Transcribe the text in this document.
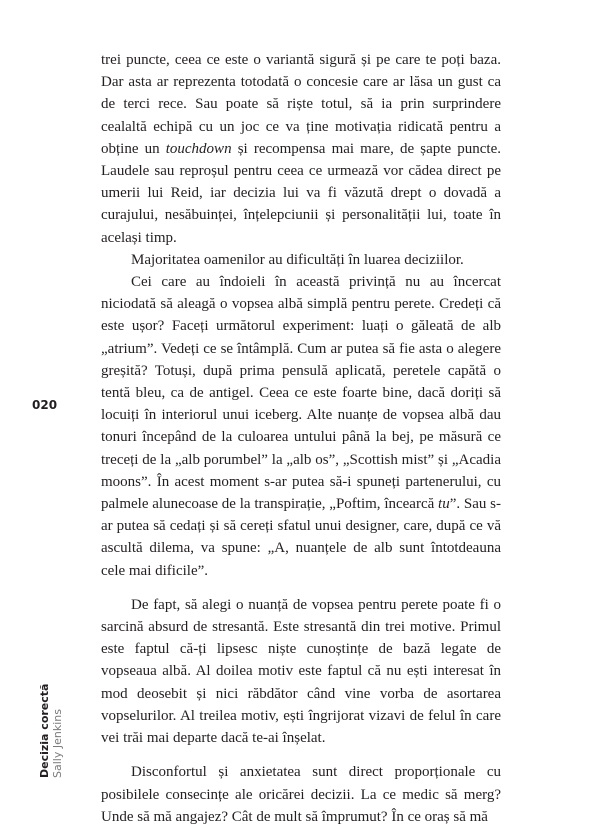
trei puncte, ceea ce este o variantă sigură și pe care te poți baza. Dar asta ar reprezenta totodată o concesie care ar lăsa un gust ca de terci rece. Sau poate să riște totul, să ia prin surprindere cealaltă echipă cu un joc ce va ține motivația ridicată pentru a obține un touchdown și recompensa mai mare, de șapte puncte. Laudele sau reproșul pentru ceea ce urmează vor cădea direct pe umerii lui Reid, iar decizia lui va fi văzută drept o dovadă a curajului, nesăbuinței, înțelepciunii și personalității lui, toate în același timp.

Majoritatea oamenilor au dificultăți în luarea deciziilor.

Cei care au îndoieli în această privință nu au încercat niciodată să aleagă o vopsea albă simplă pentru perete. Credeți că este ușor? Faceți următorul experiment: luați o găleată de alb „atrium”. Vedeți ce se întâmplă. Cum ar putea să fie asta o alegere greșită? Totuși, după prima pensulă aplicată, peretele capătă o tentă bleu, ca de antigel. Ceea ce este foarte bine, dacă doriți să locuiți în interiorul unui iceberg. Alte nuanțe de vopsea albă dau tonuri începând de la culoarea untului până la bej, pe măsură ce treceți de la „alb porumbel” la „alb os”, „Scottish mist” și „Acadia moons”. În acest moment s-ar putea să-i spuneți partenerului, cu palmele alunecoase de la transpirație, „Poftim, încearcă tu”. Sau s-ar putea să cedați și să cereți sfatul unui designer, care, după ce vă ascultă dilema, va spune: „A, nuanțele de alb sunt întotdeauna cele mai dificile”.

De fapt, să alegi o nuanță de vopsea pentru perete poate fi o sarcină absurd de stresantă. Este stresantă din trei motive. Primul este faptul că-ți lipsesc niște cunoștințe de bază legate de vopseaua albă. Al doilea motiv este faptul că nu ești interesat în mod deosebit și nici răbdător când vine vorba de asortarea vopselurilor. Al treilea motiv, ești îngrijorat vizavi de felul în care vei trăi mai departe dacă te-ai înșelat.

Disconfortul și anxietatea sunt direct proporționale cu posibilele consecințe ale oricărei decizii. La ce medic să merg? Unde să mă angajez? Cât de mult să împrumut? În ce oraș să mă

020
Decizia corectă Sally Jenkins
